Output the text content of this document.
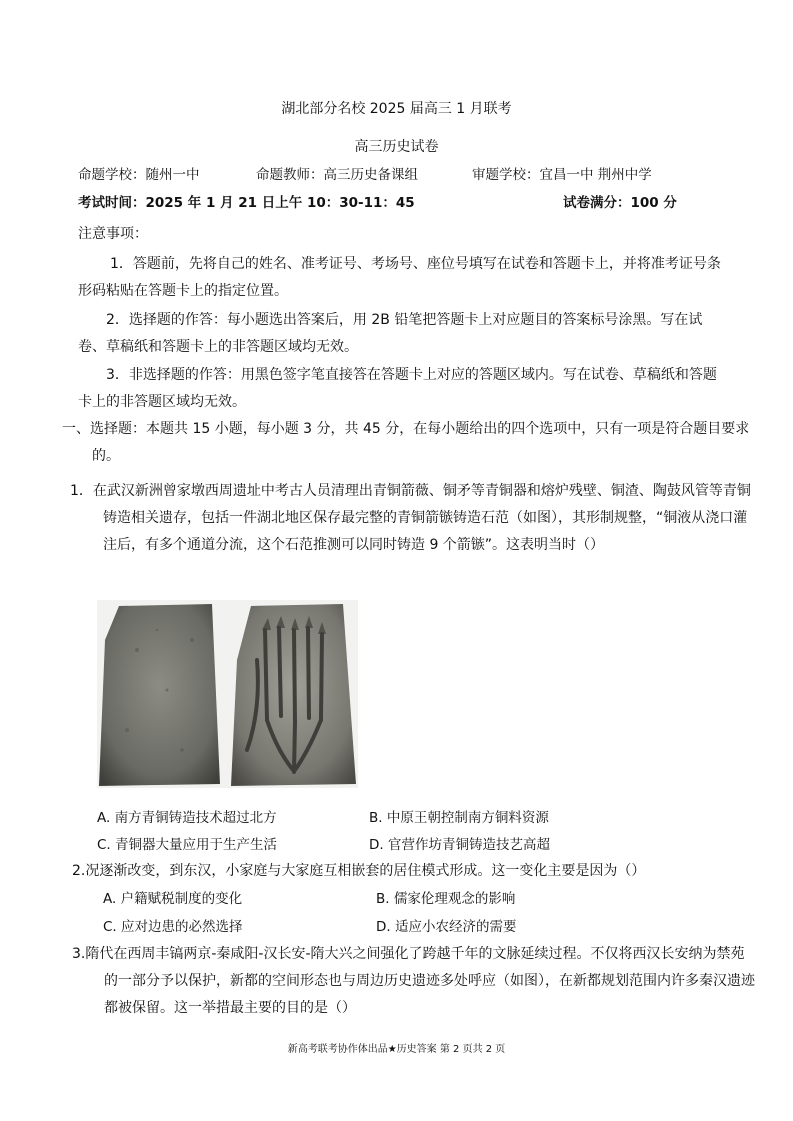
湖北部分名校 2025 届高三 1 月联考
高三历史试卷
命题学校：随州一中	命题教师：高三历史备课组	审题学校：宜昌一中 荆州中学
考试时间：2025 年 1 月 21 日上午 10：30-11：45	试卷满分：100 分
注意事项：
1．答题前，先将自己的姓名、准考证号、考场号、座位号填写在试卷和答题卡上，并将准考证号条形码粘贴在答题卡上的指定位置。
2．选择题的作答：每小题选出答案后，用 2B 铅笔把答题卡上对应题目的答案标号涂黑。写在试卷、草稿纸和答题卡上的非答题区域均无效。
3．非选择题的作答：用黑色签字笔直接答在答题卡上对应的答题区域内。写在试卷、草稿纸和答题卡上的非答题区域均无效。
一、选择题：本题共 15 小题，每小题 3 分，共 45 分，在每小题给出的四个选项中，只有一项是符合题目要求的。
1．在武汉新洲曾家墩西周遗址中考古人员清理出青铜箭薇、铜矛等青铜器和熔炉残壁、铜渣、陶鼓风管等青铜铸造相关遗存，包括一件湖北地区保存最完整的青铜箭镞铸造石范（如图），其形制规整，“铜液从浇口灌注后，有多个通道分流，这个石范推测可以同时铸造 9 个箭镞”。这表明当时（）
A. 南方青铜铸造技术超过北方	B. 中原王朝控制南方铜料资源
C. 青铜器大量应用于生产生活	D. 官营作坊青铜铸造技艺高超
2.况逐渐改变，到东汉，小家庭与大家庭互相嵌套的居住模式形成。这一变化主要是因为（）
A. 户籍赋税制度的变化	B. 儒家伦理观念的影响
C. 应对边患的必然选择	D. 适应小农经济的需要
3.隋代在西周丰镐两京-秦咸阳-汉长安-隋大兴之间强化了跨越千年的文脉延续过程。不仅将西汉长安纳为禁苑的一部分予以保护，新都的空间形态也与周边历史遗迹多处呼应（如图），在新都规划范围内许多秦汉遗迹都被保留。这一举措最主要的目的是（）
新高考联考协作体出品★历史答案 第 2 页共 2 页
